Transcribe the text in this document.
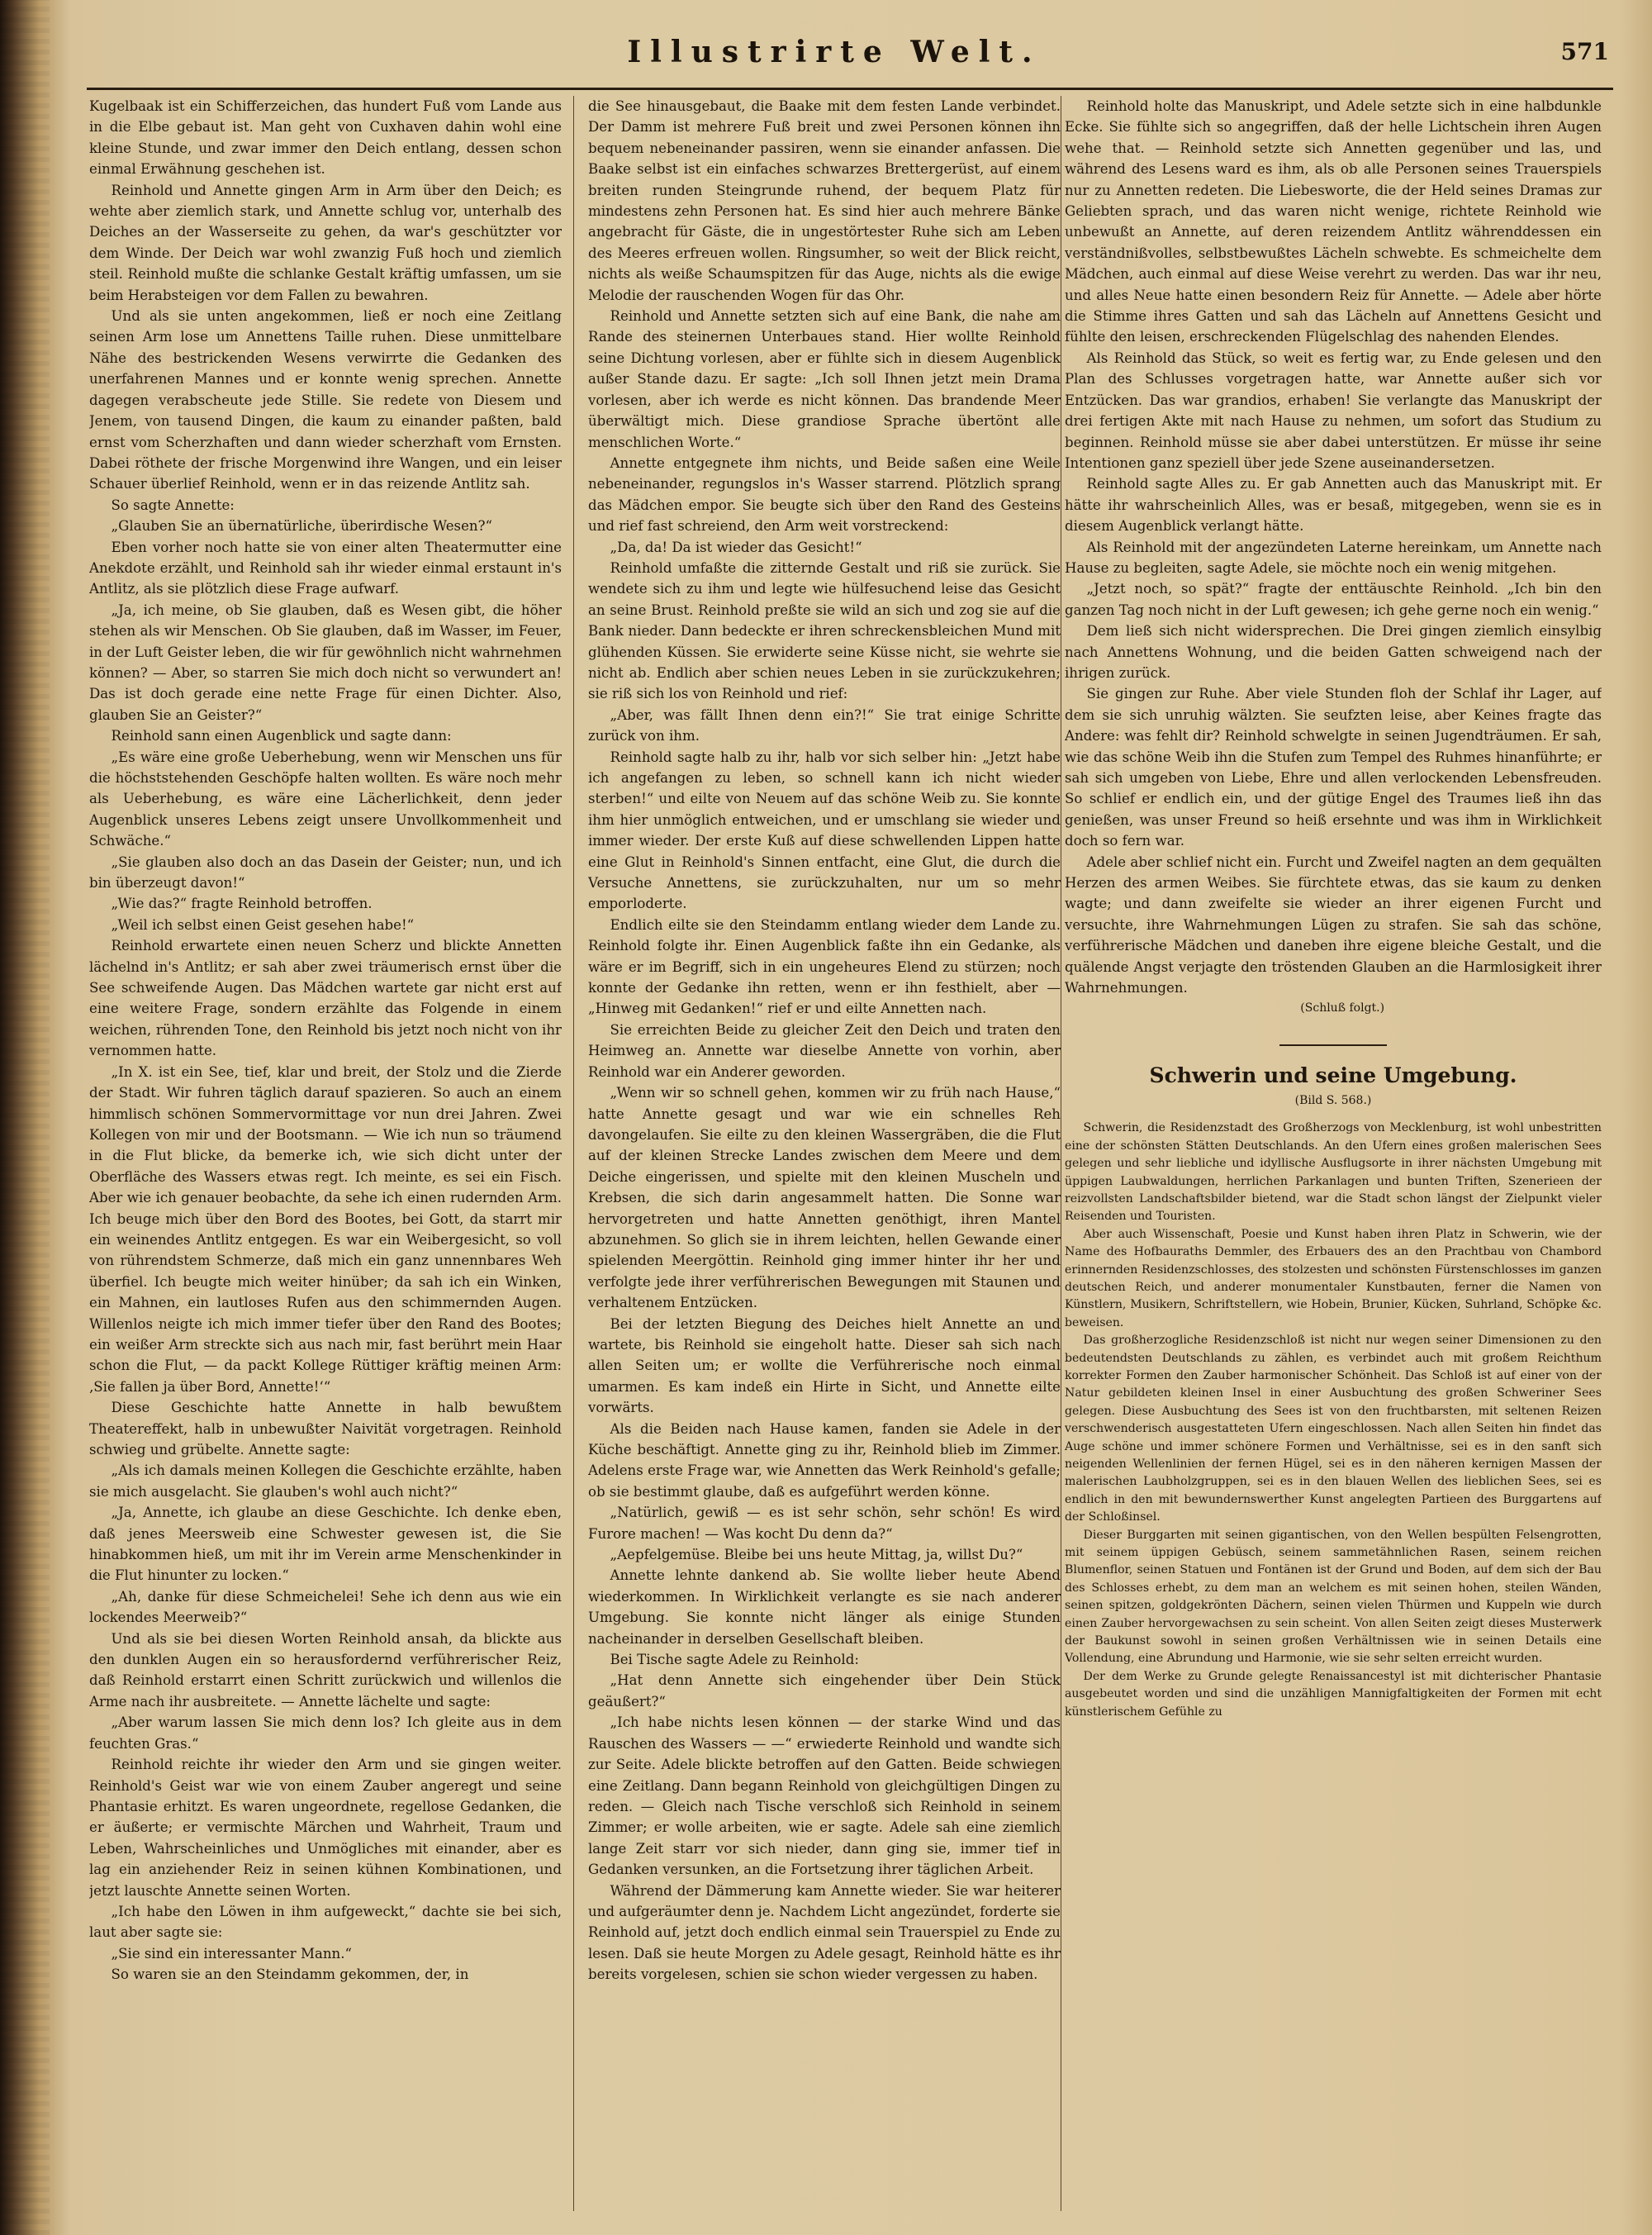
Illustrirte Welt.	571

Kugelbaak ist ein Schifferzeichen, das hundert Fuß vom Lande aus in die Elbe gebaut ist. Man geht von Cuxhaven dahin wohl eine kleine Stunde, und zwar immer den Deich entlang, dessen schon einmal Erwähnung geschehen ist.

Reinhold und Annette gingen Arm in Arm über den Deich; es wehte aber ziemlich stark, und Annette schlug vor, unterhalb des Deiches an der Wasserseite zu gehen, da war's geschützter vor dem Winde. Der Deich war wohl zwanzig Fuß hoch und ziemlich steil. Reinhold mußte die schlanke Gestalt kräftig umfassen, um sie beim Herabsteigen vor dem Fallen zu bewahren.

Und als sie unten angekommen, ließ er noch eine Zeitlang seinen Arm lose um Annettens Taille ruhen. Diese unmittelbare Nähe des bestrickenden Wesens verwirrte die Gedanken des unerfahrenen Mannes und er konnte wenig sprechen. Annette dagegen verabscheute jede Stille. Sie redete von Diesem und Jenem, von tausend Dingen, die kaum zu einander paßten, bald ernst vom Scherzhaften und dann wieder scherzhaft vom Ernsten. Dabei röthete der frische Morgenwind ihre Wangen, und ein leiser Schauer überlief Reinhold, wenn er in das reizende Antlitz sah.

So sagte Annette:

„Glauben Sie an übernatürliche, überirdische Wesen?“

Eben vorher noch hatte sie von einer alten Theatermutter eine Anekdote erzählt, und Reinhold sah ihr wieder einmal erstaunt in's Antlitz, als sie plötzlich diese Frage aufwarf.

„Ja, ich meine, ob Sie glauben, daß es Wesen gibt, die höher stehen als wir Menschen. Ob Sie glauben, daß im Wasser, im Feuer, in der Luft Geister leben, die wir für gewöhnlich nicht wahrnehmen können? — Aber, so starren Sie mich doch nicht so verwundert an! Das ist doch gerade eine nette Frage für einen Dichter. Also, glauben Sie an Geister?“

Reinhold sann einen Augenblick und sagte dann:

„Es wäre eine große Ueberhebung, wenn wir Menschen uns für die höchststehenden Geschöpfe halten wollten. Es wäre noch mehr als Ueberhebung, es wäre eine Lächerlichkeit, denn jeder Augenblick unseres Lebens zeigt unsere Unvollkommenheit und Schwäche.“

„Sie glauben also doch an das Dasein der Geister; nun, und ich bin überzeugt davon!“

„Wie das?“ fragte Reinhold betroffen.

„Weil ich selbst einen Geist gesehen habe!“

Reinhold erwartete einen neuen Scherz und blickte Annetten lächelnd in's Antlitz; er sah aber zwei träumerisch ernst über die See schweifende Augen. Das Mädchen wartete gar nicht erst auf eine weitere Frage, sondern erzählte das Folgende in einem weichen, rührenden Tone, den Reinhold bis jetzt noch nicht von ihr vernommen hatte.

„In X. ist ein See, tief, klar und breit, der Stolz und die Zierde der Stadt. Wir fuhren täglich darauf spazieren. So auch an einem himmlisch schönen Sommervormittage vor nun drei Jahren. Zwei Kollegen von mir und der Bootsmann. — Wie ich nun so träumend in die Flut blicke, da bemerke ich, wie sich dicht unter der Oberfläche des Wassers etwas regt. Ich meinte, es sei ein Fisch. Aber wie ich genauer beobachte, da sehe ich einen rudernden Arm. Ich beuge mich über den Bord des Bootes, bei Gott, da starrt mir ein weinendes Antlitz entgegen. Es war ein Weibergesicht, so voll von rührendstem Schmerze, daß mich ein ganz unnennbares Weh überfiel. Ich beugte mich weiter hinüber; da sah ich ein Winken, ein Mahnen, ein lautloses Rufen aus den schimmernden Augen. Willenlos neigte ich mich immer tiefer über den Rand des Bootes; ein weißer Arm streckte sich aus nach mir, fast berührt mein Haar schon die Flut, — da packt Kollege Rüttiger kräftig meinen Arm: ‚Sie fallen ja über Bord, Annette!‘“

Diese Geschichte hatte Annette in halb bewußtem Theatereffekt, halb in unbewußter Naivität vorgetragen. Reinhold schwieg und grübelte. Annette sagte:

„Als ich damals meinen Kollegen die Geschichte erzählte, haben sie mich ausgelacht. Sie glauben's wohl auch nicht?“

„Ja, Annette, ich glaube an diese Geschichte. Ich denke eben, daß jenes Meersweib eine Schwester gewesen ist, die Sie hinabkommen hieß, um mit ihr im Verein arme Menschenkinder in die Flut hinunter zu locken.“

„Ah, danke für diese Schmeichelei! Sehe ich denn aus wie ein lockendes Meerweib?“

Und als sie bei diesen Worten Reinhold ansah, da blickte aus den dunklen Augen ein so herausfordernd verführerischer Reiz, daß Reinhold erstarrt einen Schritt zurückwich und willenlos die Arme nach ihr ausbreitete. — Annette lächelte und sagte:

„Aber warum lassen Sie mich denn los? Ich gleite aus in dem feuchten Gras.“

Reinhold reichte ihr wieder den Arm und sie gingen weiter. Reinhold's Geist war wie von einem Zauber angeregt und seine Phantasie erhitzt. Es waren ungeordnete, regellose Gedanken, die er äußerte; er vermischte Märchen und Wahrheit, Traum und Leben, Wahrscheinliches und Unmögliches mit einander, aber es lag ein anziehender Reiz in seinen kühnen Kombinationen, und jetzt lauschte Annette seinen Worten.

„Ich habe den Löwen in ihm aufgeweckt,“ dachte sie bei sich, laut aber sagte sie:

„Sie sind ein interessanter Mann.“

So waren sie an den Steindamm gekommen, der, in

die See hinausgebaut, die Baake mit dem festen Lande verbindet. Der Damm ist mehrere Fuß breit und zwei Personen können ihn bequem nebeneinander passiren, wenn sie einander anfassen. Die Baake selbst ist ein einfaches schwarzes Brettergerüst, auf einem breiten runden Steingrunde ruhend, der bequem Platz für mindestens zehn Personen hat. Es sind hier auch mehrere Bänke angebracht für Gäste, die in ungestörtester Ruhe sich am Leben des Meeres erfreuen wollen. Ringsumher, so weit der Blick reicht, nichts als weiße Schaumspitzen für das Auge, nichts als die ewige Melodie der rauschenden Wogen für das Ohr.

Reinhold und Annette setzten sich auf eine Bank, die nahe am Rande des steinernen Unterbaues stand. Hier wollte Reinhold seine Dichtung vorlesen, aber er fühlte sich in diesem Augenblick außer Stande dazu. Er sagte: „Ich soll Ihnen jetzt mein Drama vorlesen, aber ich werde es nicht können. Das brandende Meer überwältigt mich. Diese grandiose Sprache übertönt alle menschlichen Worte.“

Annette entgegnete ihm nichts, und Beide saßen eine Weile nebeneinander, regungslos in's Wasser starrend. Plötzlich sprang das Mädchen empor. Sie beugte sich über den Rand des Gesteins und rief fast schreiend, den Arm weit vorstreckend:

„Da, da! Da ist wieder das Gesicht!“

Reinhold umfaßte die zitternde Gestalt und riß sie zurück. Sie wendete sich zu ihm und legte wie hülfesuchend leise das Gesicht an seine Brust. Reinhold preßte sie wild an sich und zog sie auf die Bank nieder. Dann bedeckte er ihren schreckensbleichen Mund mit glühenden Küssen. Sie erwiderte seine Küsse nicht, sie wehrte sie nicht ab. Endlich aber schien neues Leben in sie zurückzukehren; sie riß sich los von Reinhold und rief:

„Aber, was fällt Ihnen denn ein?!“ Sie trat einige Schritte zurück von ihm.

Reinhold sagte halb zu ihr, halb vor sich selber hin: „Jetzt habe ich angefangen zu leben, so schnell kann ich nicht wieder sterben!“ und eilte von Neuem auf das schöne Weib zu. Sie konnte ihm hier unmöglich entweichen, und er umschlang sie wieder und immer wieder. Der erste Kuß auf diese schwellenden Lippen hatte eine Glut in Reinhold's Sinnen entfacht, eine Glut, die durch die Versuche Annettens, sie zurückzuhalten, nur um so mehr emporloderte.

Endlich eilte sie den Steindamm entlang wieder dem Lande zu. Reinhold folgte ihr. Einen Augenblick faßte ihn ein Gedanke, als wäre er im Begriff, sich in ein ungeheures Elend zu stürzen; noch konnte der Gedanke ihn retten, wenn er ihn festhielt, aber — „Hinweg mit Gedanken!“ rief er und eilte Annetten nach.

Sie erreichten Beide zu gleicher Zeit den Deich und traten den Heimweg an. Annette war dieselbe Annette von vorhin, aber Reinhold war ein Anderer geworden.

„Wenn wir so schnell gehen, kommen wir zu früh nach Hause,“ hatte Annette gesagt und war wie ein schnelles Reh davongelaufen. Sie eilte zu den kleinen Wassergräben, die die Flut auf der kleinen Strecke Landes zwischen dem Meere und dem Deiche eingerissen, und spielte mit den kleinen Muscheln und Krebsen, die sich darin angesammelt hatten. Die Sonne war hervorgetreten und hatte Annetten genöthigt, ihren Mantel abzunehmen. So glich sie in ihrem leichten, hellen Gewande einer spielenden Meergöttin. Reinhold ging immer hinter ihr her und verfolgte jede ihrer verführerischen Bewegungen mit Staunen und verhaltenem Entzücken.

Bei der letzten Biegung des Deiches hielt Annette an und wartete, bis Reinhold sie eingeholt hatte. Dieser sah sich nach allen Seiten um; er wollte die Verführerische noch einmal umarmen. Es kam indeß ein Hirte in Sicht, und Annette eilte vorwärts.

Als die Beiden nach Hause kamen, fanden sie Adele in der Küche beschäftigt. Annette ging zu ihr, Reinhold blieb im Zimmer. Adelens erste Frage war, wie Annetten das Werk Reinhold's gefalle; ob sie bestimmt glaube, daß es aufgeführt werden könne.

„Natürlich, gewiß — es ist sehr schön, sehr schön! Es wird Furore machen! — Was kocht Du denn da?“

„Aepfelgemüse. Bleibe bei uns heute Mittag, ja, willst Du?“

Annette lehnte dankend ab. Sie wollte lieber heute Abend wiederkommen. In Wirklichkeit verlangte es sie nach anderer Umgebung. Sie konnte nicht länger als einige Stunden nacheinander in derselben Gesellschaft bleiben.

Bei Tische sagte Adele zu Reinhold:

„Hat denn Annette sich eingehender über Dein Stück geäußert?“

„Ich habe nichts lesen können — der starke Wind und das Rauschen des Wassers — —“ erwiederte Reinhold und wandte sich zur Seite. Adele blickte betroffen auf den Gatten. Beide schwiegen eine Zeitlang. Dann begann Reinhold von gleichgültigen Dingen zu reden. — Gleich nach Tische verschloß sich Reinhold in seinem Zimmer; er wolle arbeiten, wie er sagte. Adele sah eine ziemlich lange Zeit starr vor sich nieder, dann ging sie, immer tief in Gedanken versunken, an die Fortsetzung ihrer täglichen Arbeit.

Während der Dämmerung kam Annette wieder. Sie war heiterer und aufgeräumter denn je. Nachdem Licht angezündet, forderte sie Reinhold auf, jetzt doch endlich einmal sein Trauerspiel zu Ende zu lesen. Daß sie heute Morgen zu Adele gesagt, Reinhold hätte es ihr bereits vorgelesen, schien sie schon wieder vergessen zu haben.

Reinhold holte das Manuskript, und Adele setzte sich in eine halbdunkle Ecke. Sie fühlte sich so angegriffen, daß der helle Lichtschein ihren Augen wehe that. — Reinhold setzte sich Annetten gegenüber und las, und während des Lesens ward es ihm, als ob alle Personen seines Trauerspiels nur zu Annetten redeten. Die Liebesworte, die der Held seines Dramas zur Geliebten sprach, und das waren nicht wenige, richtete Reinhold wie unbewußt an Annette, auf deren reizendem Antlitz währenddessen ein verständnißvolles, selbstbewußtes Lächeln schwebte. Es schmeichelte dem Mädchen, auch einmal auf diese Weise verehrt zu werden. Das war ihr neu, und alles Neue hatte einen besondern Reiz für Annette. — Adele aber hörte die Stimme ihres Gatten und sah das Lächeln auf Annettens Gesicht und fühlte den leisen, erschreckenden Flügelschlag des nahenden Elendes.

Als Reinhold das Stück, so weit es fertig war, zu Ende gelesen und den Plan des Schlusses vorgetragen hatte, war Annette außer sich vor Entzücken. Das war grandios, erhaben! Sie verlangte das Manuskript der drei fertigen Akte mit nach Hause zu nehmen, um sofort das Studium zu beginnen. Reinhold müsse sie aber dabei unterstützen. Er müsse ihr seine Intentionen ganz speziell über jede Szene auseinandersetzen.

Reinhold sagte Alles zu. Er gab Annetten auch das Manuskript mit. Er hätte ihr wahrscheinlich Alles, was er besaß, mitgegeben, wenn sie es in diesem Augenblick verlangt hätte.

Als Reinhold mit der angezündeten Laterne hereinkam, um Annette nach Hause zu begleiten, sagte Adele, sie möchte noch ein wenig mitgehen.

„Jetzt noch, so spät?“ fragte der enttäuschte Reinhold. „Ich bin den ganzen Tag noch nicht in der Luft gewesen; ich gehe gerne noch ein wenig.“

Dem ließ sich nicht widersprechen. Die Drei gingen ziemlich einsylbig nach Annettens Wohnung, und die beiden Gatten schweigend nach der ihrigen zurück.

Sie gingen zur Ruhe. Aber viele Stunden floh der Schlaf ihr Lager, auf dem sie sich unruhig wälzten. Sie seufzten leise, aber Keines fragte das Andere: was fehlt dir? Reinhold schwelgte in seinen Jugendträumen. Er sah, wie das schöne Weib ihn die Stufen zum Tempel des Ruhmes hinanführte; er sah sich umgeben von Liebe, Ehre und allen verlockenden Lebensfreuden. So schlief er endlich ein, und der gütige Engel des Traumes ließ ihn das genießen, was unser Freund so heiß ersehnte und was ihm in Wirklichkeit doch so fern war.

Adele aber schlief nicht ein. Furcht und Zweifel nagten an dem gequälten Herzen des armen Weibes. Sie fürchtete etwas, das sie kaum zu denken wagte; und dann zweifelte sie wieder an ihrer eigenen Furcht und versuchte, ihre Wahrnehmungen Lügen zu strafen. Sie sah das schöne, verführerische Mädchen und daneben ihre eigene bleiche Gestalt, und die quälende Angst verjagte den tröstenden Glauben an die Harmlosigkeit ihrer Wahrnehmungen.

(Schluß folgt.)

Schwerin und seine Umgebung.
(Bild S. 568.)

Schwerin, die Residenzstadt des Großherzogs von Mecklenburg, ist wohl unbestritten eine der schönsten Stätten Deutschlands. An den Ufern eines großen malerischen Sees gelegen und sehr liebliche und idyllische Ausflugsorte in ihrer nächsten Umgebung mit üppigen Laubwaldungen, herrlichen Parkanlagen und bunten Triften, Szenerieen der reizvollsten Landschaftsbilder bietend, war die Stadt schon längst der Zielpunkt vieler Reisenden und Touristen.

Aber auch Wissenschaft, Poesie und Kunst haben ihren Platz in Schwerin, wie der Name des Hofbauraths Demmler, des Erbauers des an den Prachtbau von Chambord erinnernden Residenzschlosses, des stolzesten und schönsten Fürstenschlosses im ganzen deutschen Reich, und anderer monumentaler Kunstbauten, ferner die Namen von Künstlern, Musikern, Schriftstellern, wie Hobein, Brunier, Kücken, Suhrland, Schöpke &c. beweisen.

Das großherzogliche Residenzschloß ist nicht nur wegen seiner Dimensionen zu den bedeutendsten Deutschlands zu zählen, es verbindet auch mit großem Reichthum korrekter Formen den Zauber harmonischer Schönheit. Das Schloß ist auf einer von der Natur gebildeten kleinen Insel in einer Ausbuchtung des großen Schweriner Sees gelegen. Diese Ausbuchtung des Sees ist von den fruchtbarsten, mit seltenen Reizen verschwenderisch ausgestatteten Ufern eingeschlossen. Nach allen Seiten hin findet das Auge schöne und immer schönere Formen und Verhältnisse, sei es in den sanft sich neigenden Wellenlinien der fernen Hügel, sei es in den näheren kernigen Massen der malerischen Laubholzgruppen, sei es in den blauen Wellen des lieblichen Sees, sei es endlich in den mit bewundernswerther Kunst angelegten Partieen des Burggartens auf der Schloßinsel.

Dieser Burggarten mit seinen gigantischen, von den Wellen bespülten Felsengrotten, mit seinem üppigen Gebüsch, seinem sammetähnlichen Rasen, seinem reichen Blumenflor, seinen Statuen und Fontänen ist der Grund und Boden, auf dem sich der Bau des Schlosses erhebt, zu dem man an welchem es mit seinen hohen, steilen Wänden, seinen spitzen, goldgekrönten Dächern, seinen vielen Thürmen und Kuppeln wie durch einen Zauber hervorgewachsen zu sein scheint. Von allen Seiten zeigt dieses Musterwerk der Baukunst sowohl in seinen großen Verhältnissen wie in seinen Details eine Vollendung, eine Abrundung und Harmonie, wie sie sehr selten erreicht wurden.

Der dem Werke zu Grunde gelegte Renaissancestyl ist mit dichterischer Phantasie ausgebeutet worden und sind die unzähligen Mannigfaltigkeiten der Formen mit echt künstlerischem Gefühle zu
